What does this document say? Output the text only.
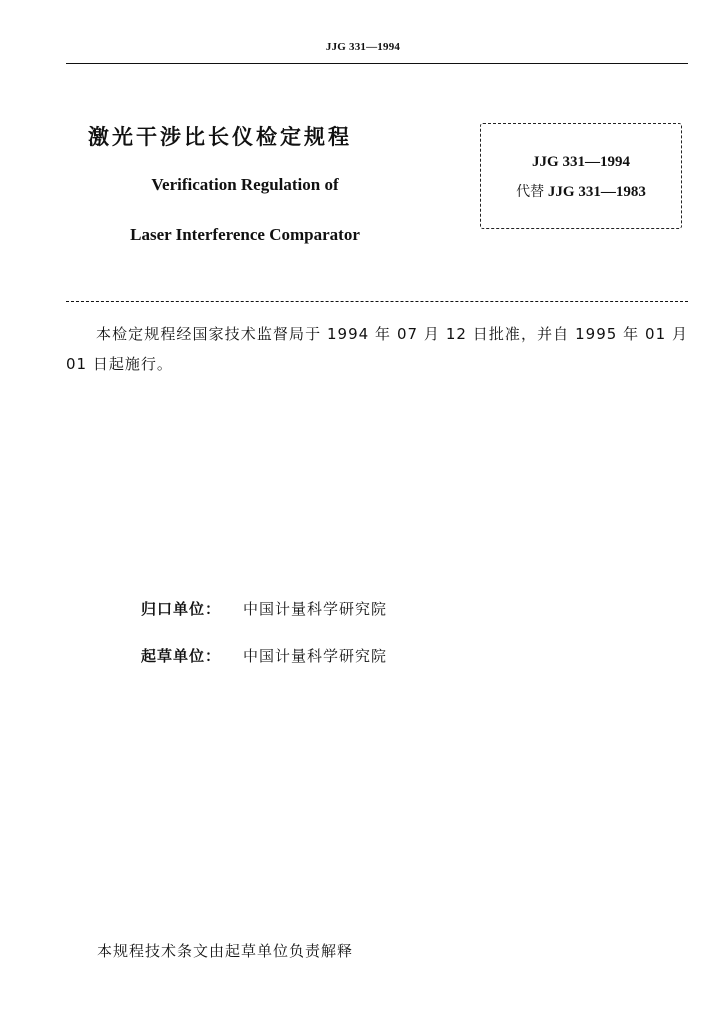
JJG 331—1994
激光干涉比长仪检定规程
Verification Regulation of
Laser Interference Comparator
JJG 331—1994
代替 JJG 331—1983
本检定规程经国家技术监督局于 1994 年 07 月 12 日批准，并自 1995 年 01 月 01 日起施行。
归口单位： 中国计量科学研究院
起草单位： 中国计量科学研究院
本规程技术条文由起草单位负责解释
